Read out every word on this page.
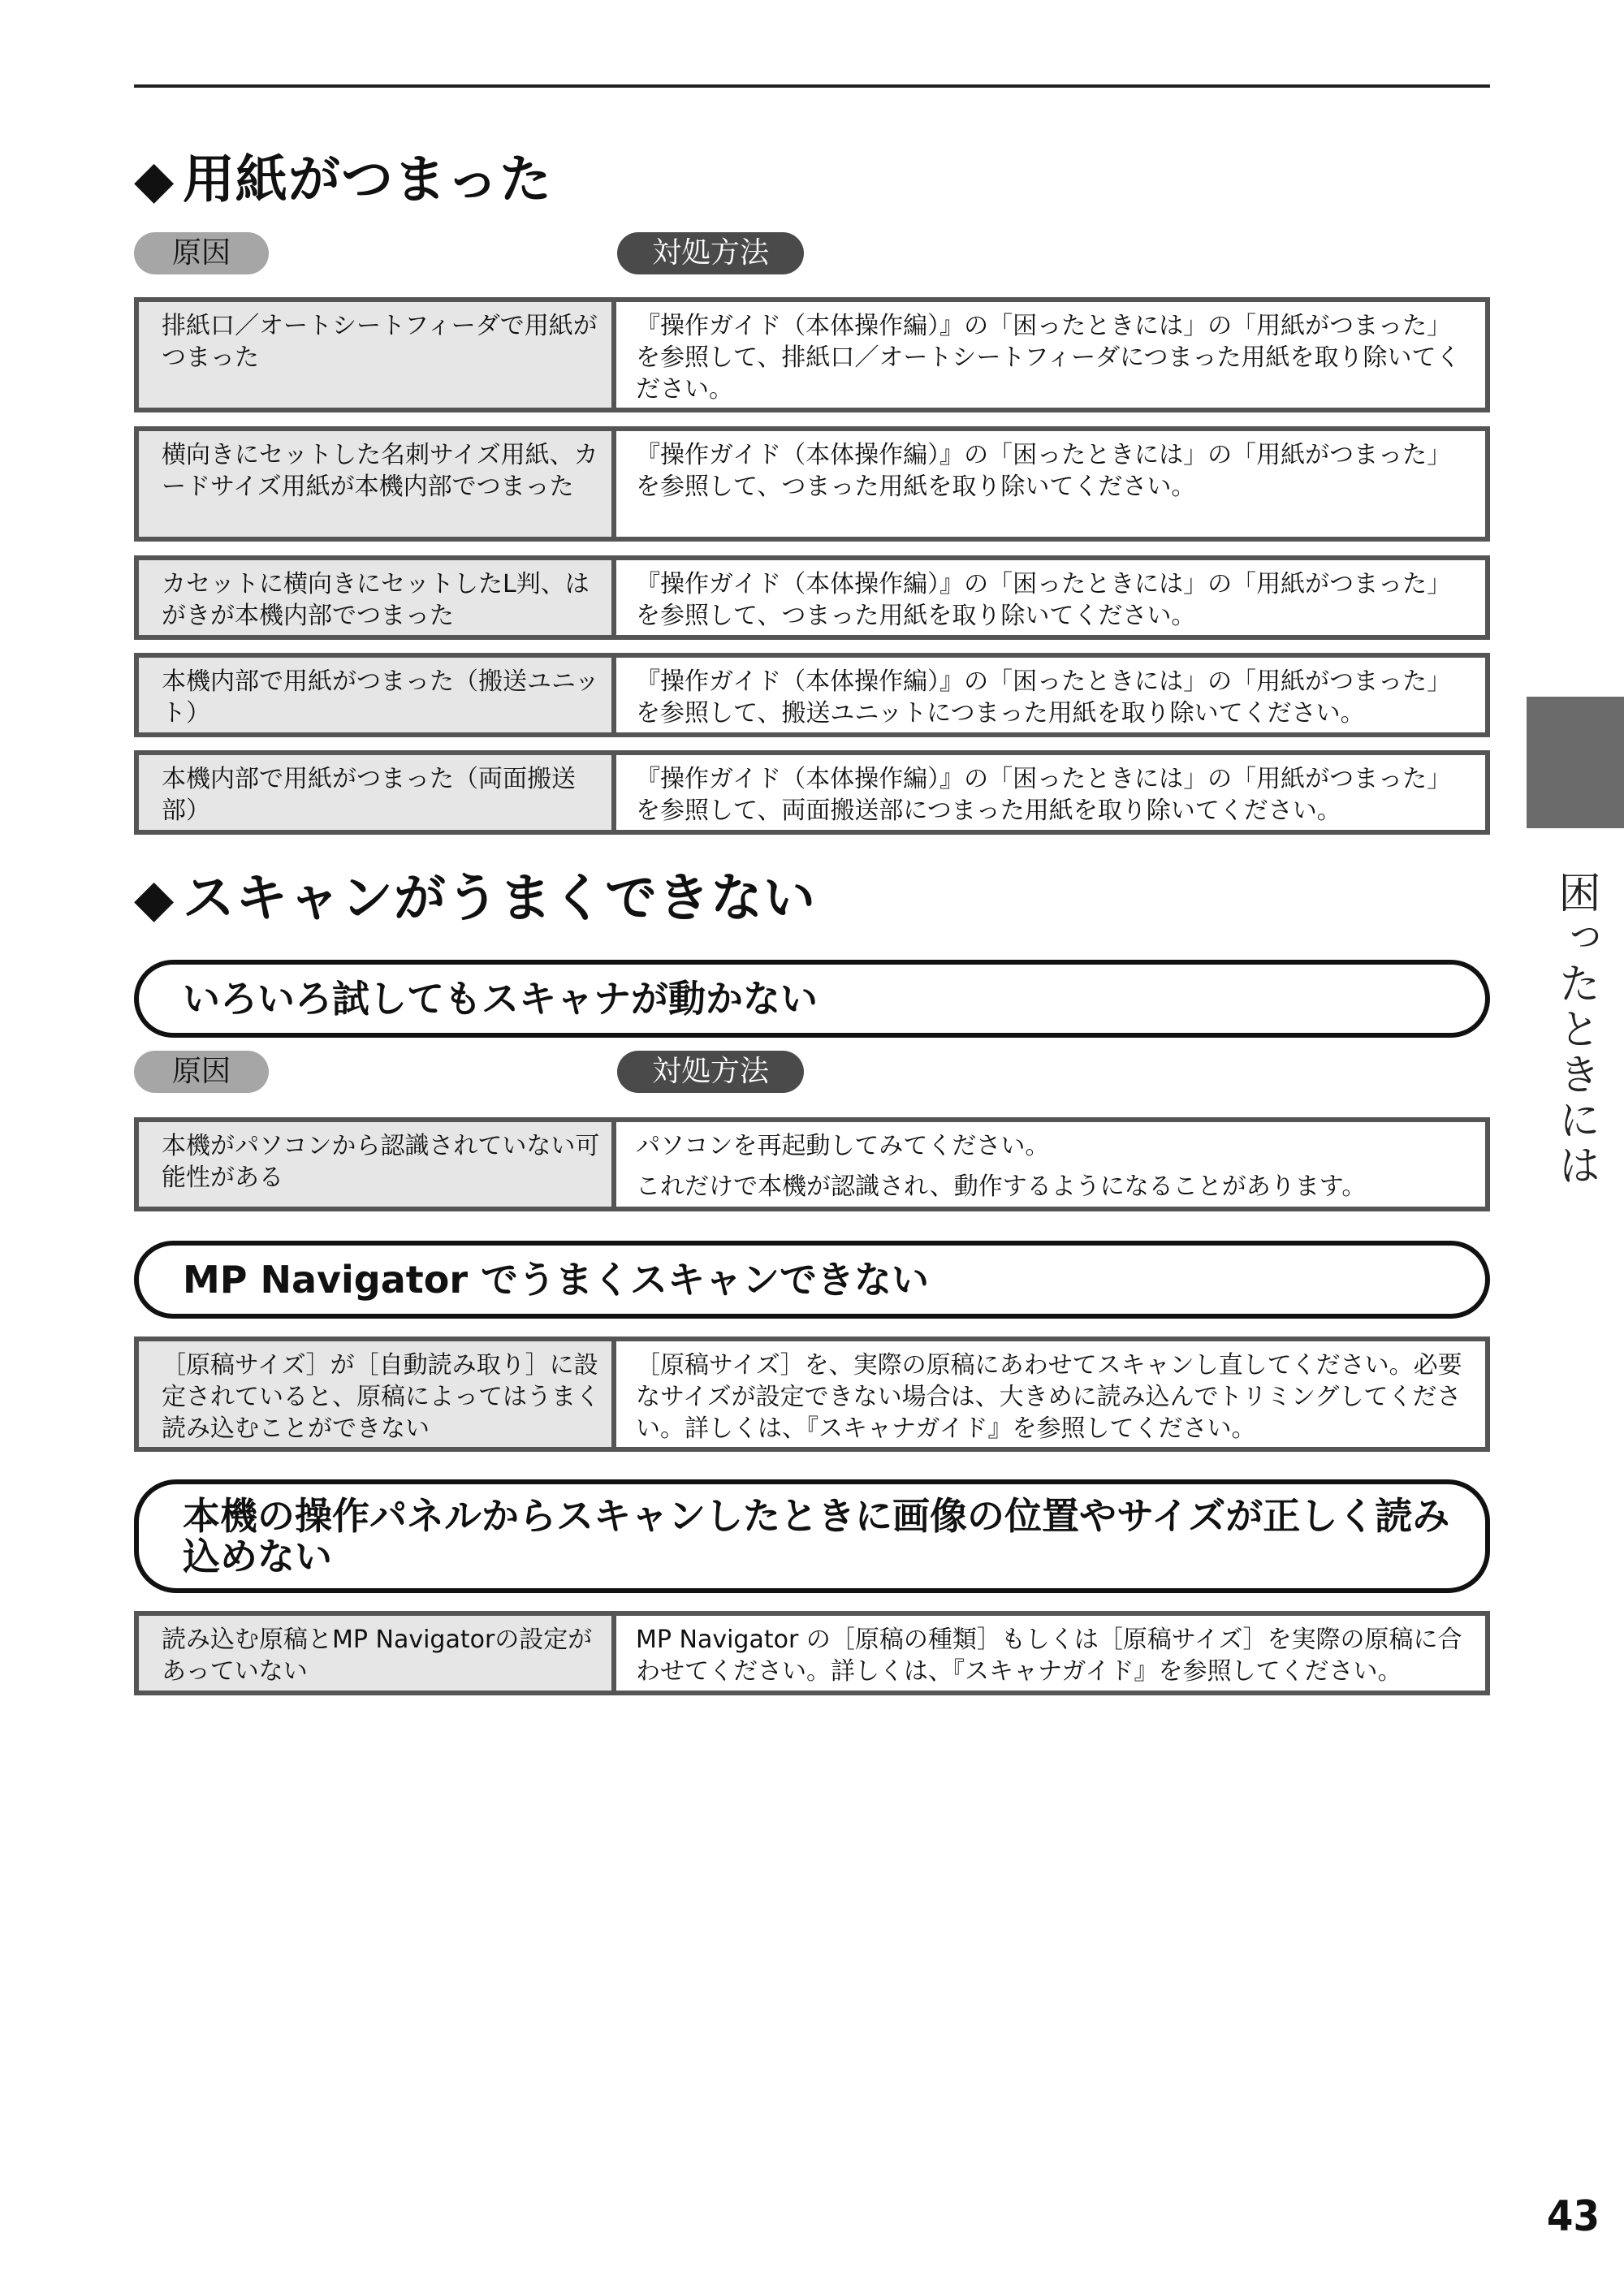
◆ 用紙がつまった
原因	対処方法
排紙口／オートシートフィーダで用紙がつまった

『操作ガイド（本体操作編）』の「困ったときには」の「用紙がつまった」を参照して、排紙口／オートシートフィーダにつまった用紙を取り除いてください。

横向きにセットした名刺サイズ用紙、カードサイズ用紙が本機内部でつまった

『操作ガイド（本体操作編）』の「困ったときには」の「用紙がつまった」を参照して、つまった用紙を取り除いてください。

カセットに横向きにセットしたL判、はがきが本機内部でつまった

『操作ガイド（本体操作編）』の「困ったときには」の「用紙がつまった」を参照して、つまった用紙を取り除いてください。

本機内部で用紙がつまった（搬送ユニット）

『操作ガイド（本体操作編）』の「困ったときには」の「用紙がつまった」を参照して、搬送ユニットにつまった用紙を取り除いてください。

本機内部で用紙がつまった（両面搬送部）

『操作ガイド（本体操作編）』の「困ったときには」の「用紙がつまった」を参照して、両面搬送部につまった用紙を取り除いてください。

◆ スキャンがうまくできない
いろいろ試してもスキャナが動かない
原因	対処方法
本機がパソコンから認識されていない可能性がある

パソコンを再起動してみてください。

これだけで本機が認識され、動作するようになることがあります。

MP Navigator でうまくスキャンできない
［原稿サイズ］が［自動読み取り］に設定されていると、原稿によってはうまく読み込むことができない

［原稿サイズ］を、実際の原稿にあわせてスキャンし直してください。必要なサイズが設定できない場合は、大きめに読み込んでトリミングしてください。詳しくは、『スキャナガイド』を参照してください。

本機の操作パネルからスキャンしたときに画像の位置やサイズが正しく読み込めない
読み込む原稿とMP Navigatorの設定があっていない

MP Navigator の［原稿の種類］もしくは［原稿サイズ］を実際の原稿に合わせてください。詳しくは、『スキャナガイド』を参照してください。

困ったときには
43
